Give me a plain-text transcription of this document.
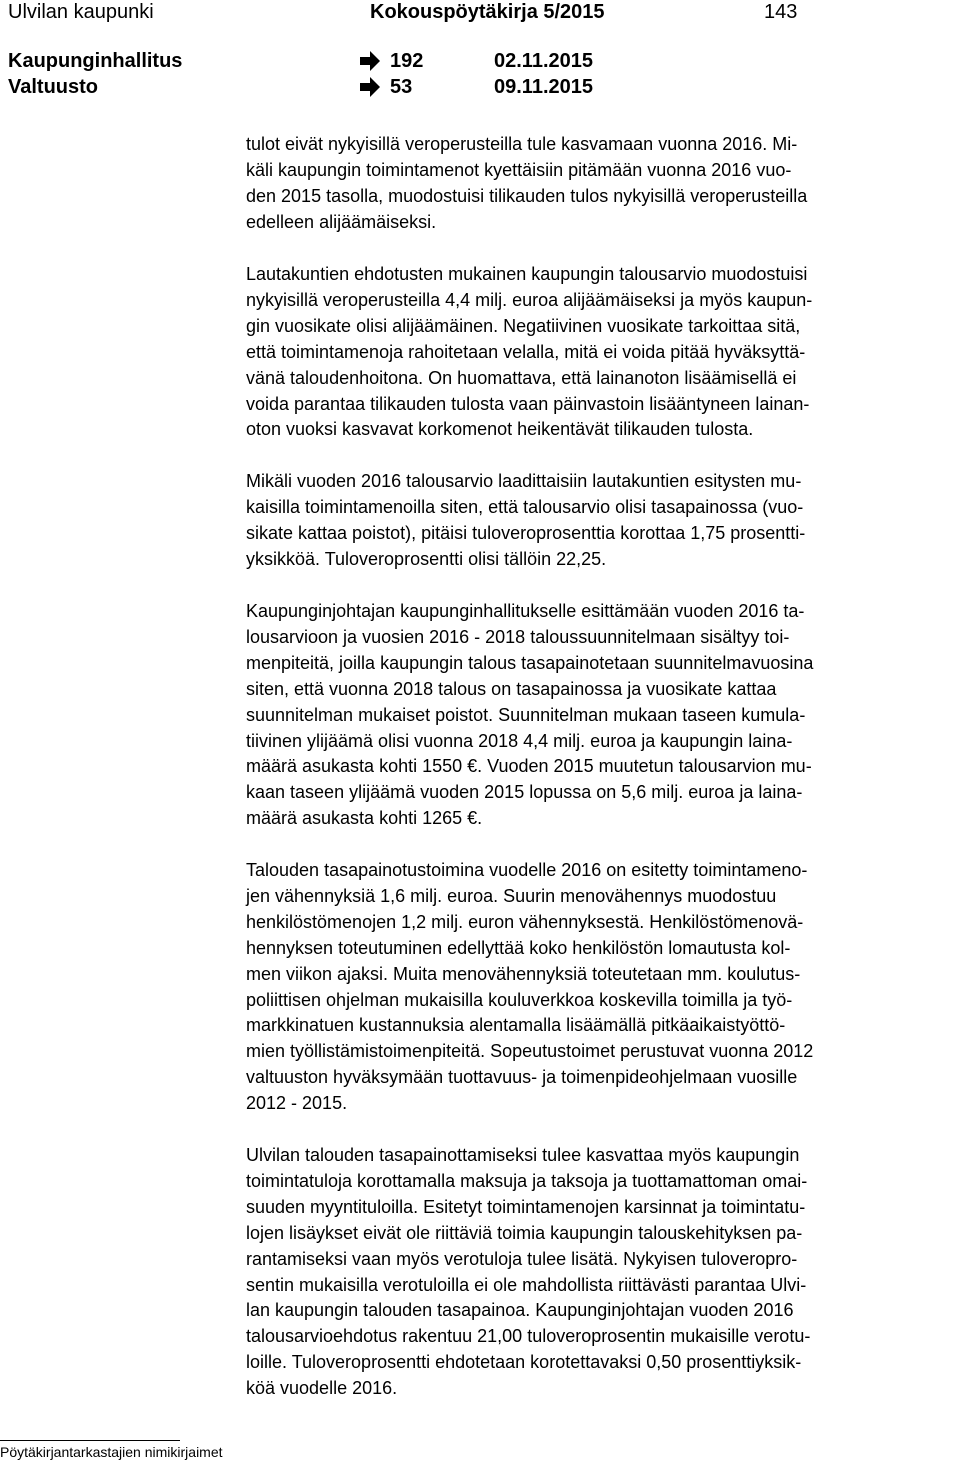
Ulvilan kaupunki	Kokouspöytäkirja 5/2015	143
Kaupunginhallitus	192	02.11.2015
Valtuusto	53	09.11.2015

tulot eivät nykyisillä veroperusteilla tule kasvamaan vuonna 2016. Mi-

käli kaupungin toimintamenot kyettäisiin pitämään vuonna 2016 vuo-

den 2015 tasolla, muodostuisi tilikauden tulos nykyisillä veroperusteilla

edelleen alijäämäiseksi.

Lautakuntien ehdotusten mukainen kaupungin talousarvio muodostuisi

nykyisillä veroperusteilla 4,4 milj. euroa alijäämäiseksi ja myös kaupun-

gin vuosikate olisi alijäämäinen. Negatiivinen vuosikate tarkoittaa sitä,

että toimintamenoja rahoitetaan velalla, mitä ei voida pitää hyväksyttä-

vänä taloudenhoitona. On huomattava, että lainanoton lisäämisellä ei

voida parantaa tilikauden tulosta vaan päinvastoin lisääntyneen lainan-

oton vuoksi kasvavat korkomenot heikentävät tilikauden tulosta.

Mikäli vuoden 2016 talousarvio laadittaisiin lautakuntien esitysten mu-

kaisilla toimintamenoilla siten, että talousarvio olisi tasapainossa (vuo-

sikate kattaa poistot), pitäisi tuloveroprosenttia korottaa 1,75 prosentti-

yksikköä. Tuloveroprosentti olisi tällöin 22,25.

Kaupunginjohtajan kaupunginhallitukselle esittämään vuoden 2016 ta-

lousarvioon ja vuosien 2016 - 2018 taloussuunnitelmaan sisältyy toi-

menpiteitä, joilla kaupungin talous tasapainotetaan suunnitelmavuosina

siten, että vuonna 2018 talous on tasapainossa ja vuosikate kattaa

suunnitelman mukaiset poistot. Suunnitelman mukaan taseen kumula-

tiivinen ylijäämä olisi vuonna 2018 4,4 milj. euroa ja kaupungin laina-

määrä asukasta kohti 1550 €. Vuoden 2015 muutetun talousarvion mu-

kaan taseen ylijäämä vuoden 2015 lopussa on 5,6 milj. euroa ja laina-

määrä asukasta kohti 1265 €.

Talouden tasapainotustoimina vuodelle 2016 on esitetty toimintameno-

jen vähennyksiä 1,6 milj. euroa. Suurin menovähennys muodostuu

henkilöstömenojen 1,2 milj. euron vähennyksestä. Henkilöstömenovä-

hennyksen toteutuminen edellyttää koko henkilöstön lomautusta kol-

men viikon ajaksi. Muita menovähennyksiä toteutetaan mm. koulutus-

poliittisen ohjelman mukaisilla kouluverkkoa koskevilla toimilla ja työ-

markkinatuen kustannuksia alentamalla lisäämällä pitkäaikaistyöttö-

mien työllistämistoimenpiteitä. Sopeutustoimet perustuvat vuonna 2012

valtuuston hyväksymään tuottavuus- ja toimenpideohjelmaan vuosille

2012 - 2015.

Ulvilan talouden tasapainottamiseksi tulee kasvattaa myös kaupungin

toimintatuloja korottamalla maksuja ja taksoja ja tuottamattoman omai-

suuden myyntituloilla. Esitetyt toimintamenojen karsinnat ja toimintatu-

lojen lisäykset eivät ole riittäviä toimia kaupungin talouskehityksen pa-

rantamiseksi vaan myös verotuloja tulee lisätä. Nykyisen tuloveropro-

sentin mukaisilla verotuloilla ei ole mahdollista riittävästi parantaa Ulvi-

lan kaupungin talouden tasapainoa. Kaupunginjohtajan vuoden 2016

talousarvioehdotus rakentuu 21,00 tuloveroprosentin mukaisille verotu-

loille. Tuloveroprosentti ehdotetaan korotettavaksi 0,50 prosenttiyksik-

köä vuodelle 2016.

Pöytäkirjantarkastajien nimikirjaimet
